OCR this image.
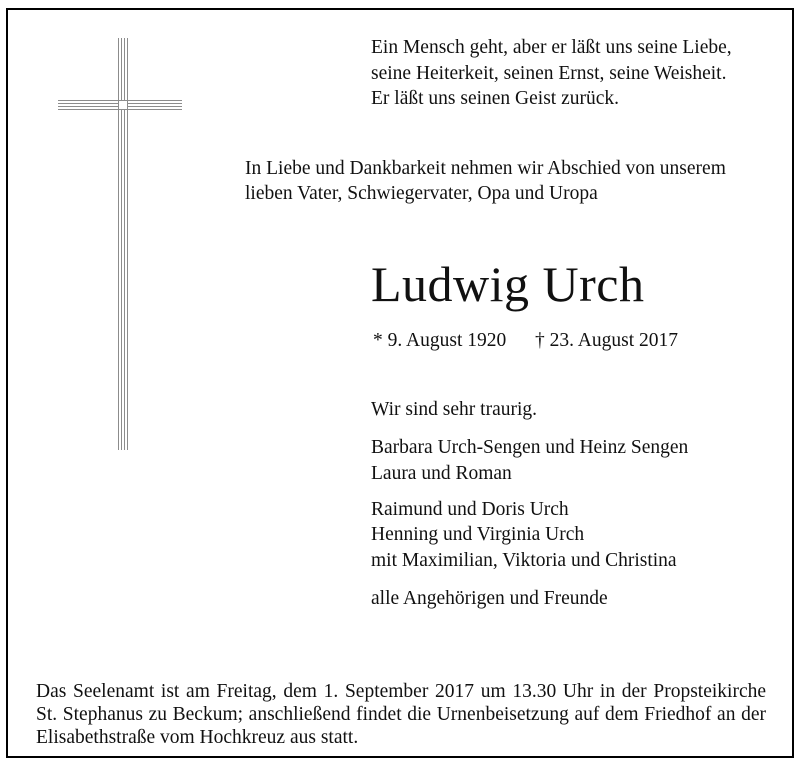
Ein Mensch geht, aber er läßt uns seine Liebe,

seine Heiterkeit, seinen Ernst, seine Weisheit.

Er läßt uns seinen Geist zurück.

In Liebe und Dankbarkeit nehmen wir Abschied von unserem

lieben Vater, Schwiegervater, Opa und Uropa

Ludwig Urch

* 9. August 1920 † 23. August 2017

Wir sind sehr traurig.

Barbara Urch-Sengen und Heinz Sengen

Laura und Roman

Raimund und Doris Urch

Henning und Virginia Urch

mit Maximilian, Viktoria und Christina

alle Angehörigen und Freunde

Das Seelenamt ist am Freitag, dem 1. September 2017 um 13.30 Uhr in der Propsteikirche St. Stephanus zu Beckum; anschließend findet die Urnenbeisetzung auf dem Friedhof an der Elisabethstraße vom Hochkreuz aus statt.
